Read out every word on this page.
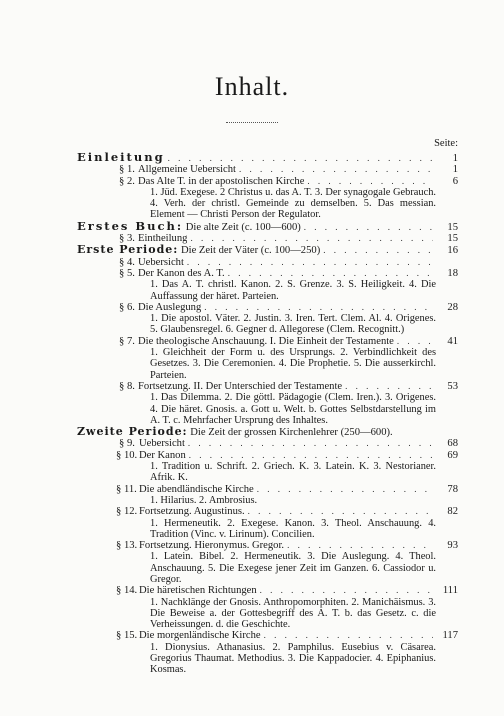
Inhalt.
Seite:
Einleitung . . .	1
§ 1. Allgemeine Uebersicht . . .	1
§ 2. Das Alte T. in der apostolischen Kirche . . .	6
1. Jüd. Exegese. 2 Christus u. das A. T. 3. Der synagogale Gebrauch. 4. Verh. der christl. Gemeinde zu demselben. 5. Das messian. Element — Christi Person der Regulator.
Erstes Buch: Die alte Zeit (c. 100—600) . . .	15
§ 3. Eintheilung . . .	15
Erste Periode: Die Zeit der Väter (c. 100—250) . . .	16
§ 4. Uebersicht
. . .
§ 5. Der Kanon des A. T. . . .	18
1. Das A. T. christl. Kanon. 2. S. Grenze. 3. S. Heiligkeit. 4. Die Auffassung der häret. Parteien.
§ 6. Die Auslegung . . .	28
1. Die apostol. Väter. 2. Justin. 3. Iren. Tert. Clem. Al. 4. Origenes. 5. Glaubensregel. 6. Gegner d. Allegorese (Clem. Recognitt.)
§ 7. Die theologische Anschauung. I. Die Einheit der Testamente . . .	41
1. Gleichheit der Form u. des Ursprungs. 2. Verbindlichkeit des Gesetzes. 3. Die Ceremonien. 4. Die Prophetie. 5. Die ausserkirchl. Parteien.
§ 8. Fortsetzung. II. Der Unterschied der Testamente . . .	53
1. Das Dilemma. 2. Die göttl. Pädagogie (Clem. Iren.). 3. Origenes. 4. Die häret. Gnosis. a. Gott u. Welt. b. Gottes Selbstdarstellung im A. T. c. Mehrfacher Ursprung des Inhaltes.
Zweite Periode: Die Zeit der grossen Kirchenlehrer (250—600).
§ 9. Uebersicht . . .	68
§ 10. Der Kanon . . .	69
1. Tradition u. Schrift. 2. Griech. K. 3. Latein. K. 3. Nestorianer. Afrik. K.
§ 11. Die abendländische Kirche . . .	78
1. Hilarius. 2. Ambrosius.
§ 12. Fortsetzung. Augustinus. . . .	82
1. Hermeneutik. 2. Exegese. Kanon. 3. Theol. Anschauung. 4. Tradition (Vinc. v. Lirinum). Concilien.
§ 13. Fortsetzung. Hieronymus. Gregor. . . .	93
1. Latein. Bibel. 2. Hermeneutik. 3. Die Auslegung. 4. Theol. Anschauung. 5. Die Exegese jener Zeit im Ganzen. 6. Cassiodor u. Gregor.
§ 14. Die häretischen Richtungen . . .	111
1. Nachklänge der Gnosis. Anthropomorphiten. 2. Manichäismus. 3. Die Beweise a. der Gottesbegriff des A. T. b. das Gesetz. c. die Verheissungen. d. die Geschichte.
§ 15. Die morgenländische Kirche . . .	117
1. Dionysius. Athanasius. 2. Pamphilus. Eusebius v. Cäsarea. Gregorius Thaumat. Methodius. 3. Die Kappadocier. 4. Epiphanius. Kosmas.
